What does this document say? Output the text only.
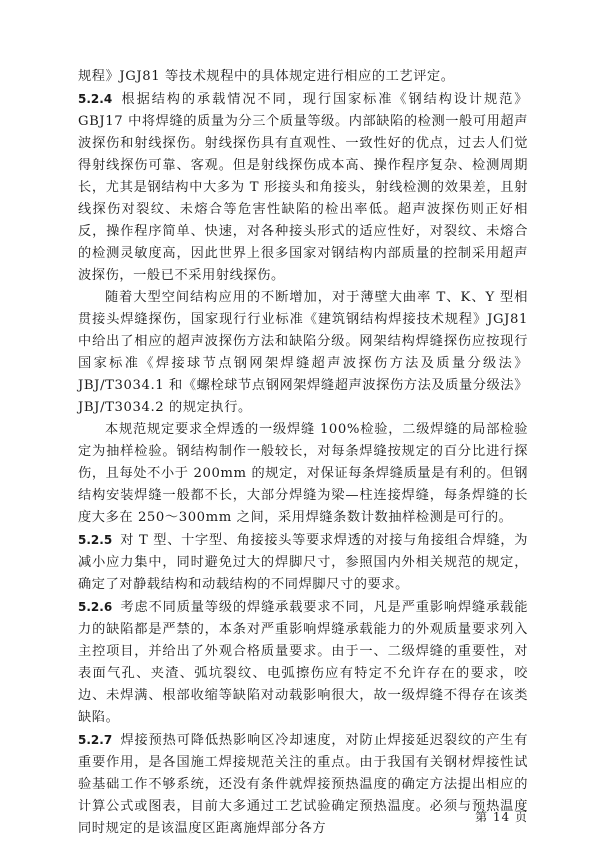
规程》JGJ81 等技术规程中的具体规定进行相应的工艺评定。

5.2.4 根据结构的承载情况不同，现行国家标准《钢结构设计规范》GBJ17 中将焊缝的质量为分三个质量等级。内部缺陷的检测一般可用超声波探伤和射线探伤。射线探伤具有直观性、一致性好的优点，过去人们觉得射线探伤可靠、客观。但是射线探伤成本高、操作程序复杂、检测周期长，尤其是钢结构中大多为 T 形接头和角接头，射线检测的效果差，且射线探伤对裂纹、未熔合等危害性缺陷的检出率低。超声波探伤则正好相反，操作程序简单、快速，对各种接头形式的适应性好，对裂纹、未熔合的检测灵敏度高，因此世界上很多国家对钢结构内部质量的控制采用超声波探伤，一般已不采用射线探伤。

随着大型空间结构应用的不断增加，对于薄壁大曲率 T、K、Y 型相贯接头焊缝探伤，国家现行行业标准《建筑钢结构焊接技术规程》JGJ81 中给出了相应的超声波探伤方法和缺陷分级。网架结构焊缝探伤应按现行国家标准《焊接球节点钢网架焊缝超声波探伤方法及质量分级法》JBJ/T3034.1 和《螺栓球节点钢网架焊缝超声波探伤方法及质量分级法》JBJ/T3034.2 的规定执行。

本规范规定要求全焊透的一级焊缝 100%检验，二级焊缝的局部检验定为抽样检验。钢结构制作一般较长，对每条焊缝按规定的百分比进行探伤，且每处不小于 200mm 的规定，对保证每条焊缝质量是有利的。但钢结构安装焊缝一般都不长，大部分焊缝为梁—柱连接焊缝，每条焊缝的长度大多在 250～300mm 之间，采用焊缝条数计数抽样检测是可行的。

5.2.5 对 T 型、十字型、角接接头等要求焊透的对接与角接组合焊缝，为减小应力集中，同时避免过大的焊脚尺寸，参照国内外相关规范的规定，确定了对静载结构和动载结构的不同焊脚尺寸的要求。

5.2.6 考虑不同质量等级的焊缝承载要求不同，凡是严重影响焊缝承载能力的缺陷都是严禁的，本条对严重影响焊缝承载能力的外观质量要求列入主控项目，并给出了外观合格质量要求。由于一、二级焊缝的重要性，对表面气孔、夹渣、弧坑裂纹、电弧擦伤应有特定不允许存在的要求，咬边、未焊满、根部收缩等缺陷对动载影响很大，故一级焊缝不得存在该类缺陷。

5.2.7 焊接预热可降低热影响区冷却速度，对防止焊接延迟裂纹的产生有重要作用，是各国施工焊接规范关注的重点。由于我国有关钢材焊接性试验基础工作不够系统，还没有条件就焊接预热温度的确定方法提出相应的计算公式或图表，目前大多通过工艺试验确定预热温度。必须与预热温度同时规定的是该温度区距离施焊部分各方

第 14 页
